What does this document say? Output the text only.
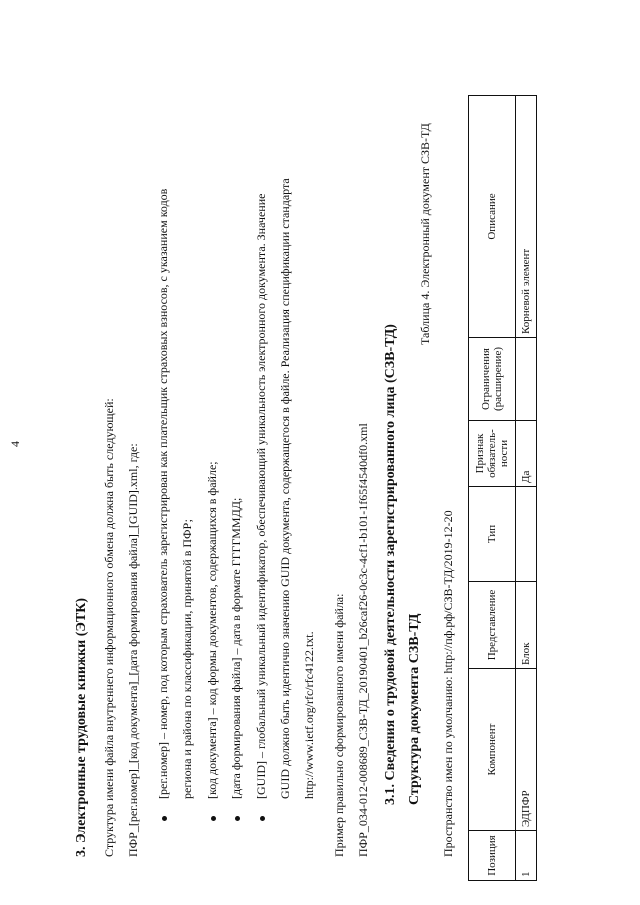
4
3. Электронные трудовые книжки (ЭТК) Структура имени файла внутреннего информационного обмена должна быть следующей: ПФР_[рег.номер]_[код документа]_[дата формирования файла]_[GUID].xml, где: [рег.номер] – номер, под которым страхователь зарегистрирован как плательщик страховых взносов, с указанием кодов региона и района по классификации, принятой в ПФР; [код документа] – код формы документов, содержащихся в файле; [дата формирования файла] – дата в формате ГГГГММДД; [GUID] – глобальный уникальный идентификатор, обеспечивающий уникальность электронного документа. Значение GUID должно быть идентично значению GUID документа, содержащегося в файле. Реализация спецификации стандарта http://www.ietf.org/rfc/rfc4122.txt. Пример правильно сформированного имени файла: ПФР_034-012-008689_СЗВ-ТД_20190401_b26caf26-0c3c-4cf1-b101-1f65f4540df0.xml 3.1. Сведения о трудовой деятельности зарегистрированного лица (СЗВ-ТД) Структура документа СЗВ-ТД
Таблица 4. Электронный документ СЗВ-ТД
Пространство имен по умолчанию: http://пф.рф/СЗВ-ТД/2019-12-20	Позиция	Компонент	Представление	Тип	Признак обязатель-ности	Ограничения (расширение)	Описание
1	ЭДПФР	Блок		Да		Корневой элемент
